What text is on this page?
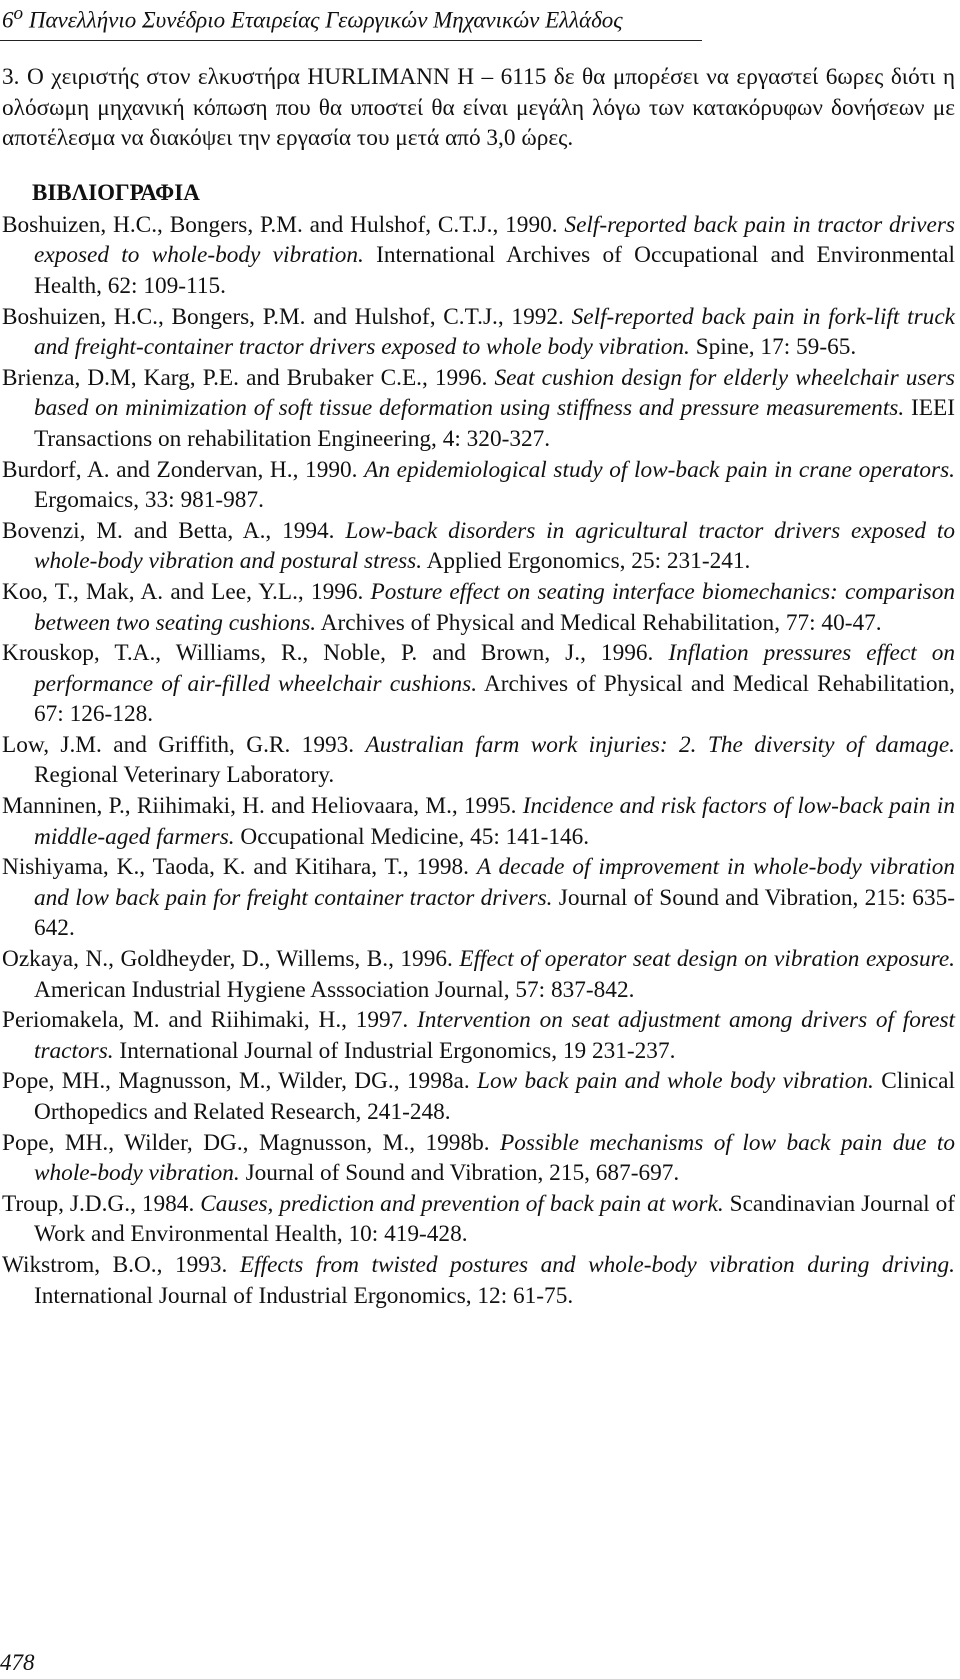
$6^o$ Πανελλήνιο Συνέδριο Εταιρείας Γεωργικών Μηχανικών Ελλάδος

3. Ο χειριστής στον ελκυστήρα HURLIMANN H – 6115 δε θα μπορέσει να εργαστεί 6ωρες διότι η ολόσωμη μηχανική κόπωση που θα υποστεί θα είναι μεγάλη λόγω των κατακόρυφων δονήσεων με αποτέλεσμα να διακόψει την εργασία του μετά από 3,0 ώρες.

ΒΙΒΛΙΟΓΡΑΦΙΑ

Boshuizen, H.C., Bongers, P.M. and Hulshof, C.T.J., 1990. Self-reported back pain in tractor drivers exposed to whole-body vibration. International Archives of Occupational and Environmental Health, 62: 109-115.

Boshuizen, H.C., Bongers, P.M. and Hulshof, C.T.J., 1992. Self-reported back pain in fork-lift truck and freight-container tractor drivers exposed to whole body vibration. Spine, 17: 59-65.

Brienza, D.M, Karg, P.E. and Brubaker C.E., 1996. Seat cushion design for elderly wheelchair users based on minimization of soft tissue deformation using stiffness and pressure measurements. IEEI Transactions on rehabilitation Engineering, 4: 320-327.

Burdorf, A. and Zondervan, H., 1990. An epidemiological study of low-back pain in crane operators. Ergomaics, 33: 981-987.

Bovenzi, M. and Betta, A., 1994. Low-back disorders in agricultural tractor drivers exposed to whole-body vibration and postural stress. Applied Ergonomics, 25: 231-241.

Koo, T., Mak, A. and Lee, Y.L., 1996. Posture effect on seating interface biomechanics: comparison between two seating cushions. Archives of Physical and Medical Rehabilitation, 77: 40-47.

Krouskop, T.A., Williams, R., Noble, P. and Brown, J., 1996. Inflation pressures effect on performance of air-filled wheelchair cushions. Archives of Physical and Medical Rehabilitation, 67: 126-128.

Low, J.M. and Griffith, G.R. 1993. Australian farm work injuries: 2. The diversity of damage. Regional Veterinary Laboratory.

Manninen, P., Riihimaki, H. and Heliovaara, M., 1995. Incidence and risk factors of low-back pain in middle-aged farmers. Occupational Medicine, 45: 141-146.

Nishiyama, K., Taoda, K. and Kitihara, T., 1998. A decade of improvement in whole-body vibration and low back pain for freight container tractor drivers. Journal of Sound and Vibration, 215: 635-642.

Ozkaya, N., Goldheyder, D., Willems, B., 1996. Effect of operator seat design on vibration exposure. American Industrial Hygiene Asssociation Journal, 57: 837-842.

Periomakela, M. and Riihimaki, H., 1997. Intervention on seat adjustment among drivers of forest tractors. International Journal of Industrial Ergonomics, 19 231-237.

Pope, MH., Magnusson, M., Wilder, DG., 1998a. Low back pain and whole body vibration. Clinical Orthopedics and Related Research, 241-248.

Pope, MH., Wilder, DG., Magnusson, M., 1998b. Possible mechanisms of low back pain due to whole-body vibration. Journal of Sound and Vibration, 215, 687-697.

Troup, J.D.G., 1984. Causes, prediction and prevention of back pain at work. Scandinavian Journal of Work and Environmental Health, 10: 419-428.

Wikstrom, B.O., 1993. Effects from twisted postures and whole-body vibration during driving. International Journal of Industrial Ergonomics, 12: 61-75.

478
